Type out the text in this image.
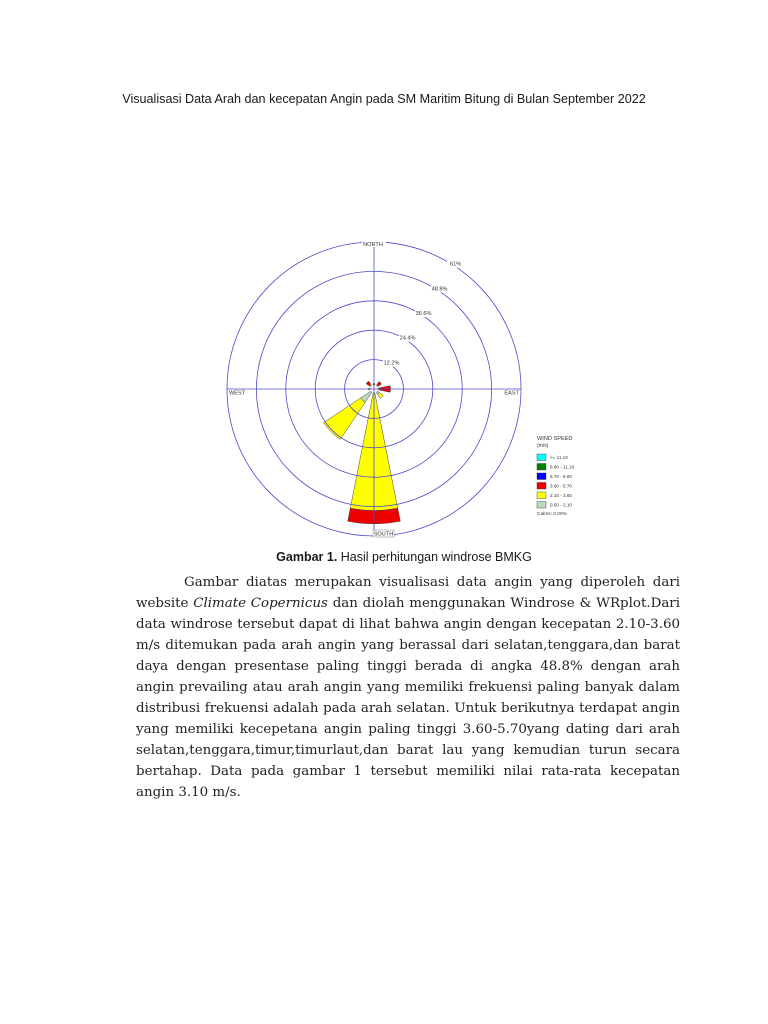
Visualisasi Data Arah dan kecepatan Angin pada SM Maritim Bitung di Bulan September 2022
12.2%
24.4%
36.6%
48.8%
61%
NORTH
SOUTH
WEST	EAST
WIND SPEED
(m/s)
>= 11.10
8.80 - 11.10
5.70 - 8.80
3.60 - 5.70
2.10 - 3.60
0.50 - 2.10
Calms: 0.00%
Gambar 1. Hasil perhitungan windrose BMKG

Gambar diatas merupakan visualisasi data angin yang diperoleh dari website Climate Copernicus dan diolah menggunakan Windrose & WRplot.Dari data windrose tersebut dapat di lihat bahwa angin dengan kecepatan 2.10-3.60 m/s ditemukan pada arah angin yang berassal dari selatan,tenggara,dan barat daya dengan presentase paling tinggi berada di angka 48.8% dengan arah angin prevailing atau arah angin yang memiliki frekuensi paling banyak dalam distribusi frekuensi adalah pada arah selatan. Untuk berikutnya terdapat angin yang memiliki kecepetana angin paling tinggi 3.60-5.70yang dating dari arah selatan,tenggara,timur,timurlaut,dan barat lau yang kemudian turun secara bertahap. Data pada gambar 1 tersebut memiliki nilai rata-rata kecepatan angin 3.10 m/s.
